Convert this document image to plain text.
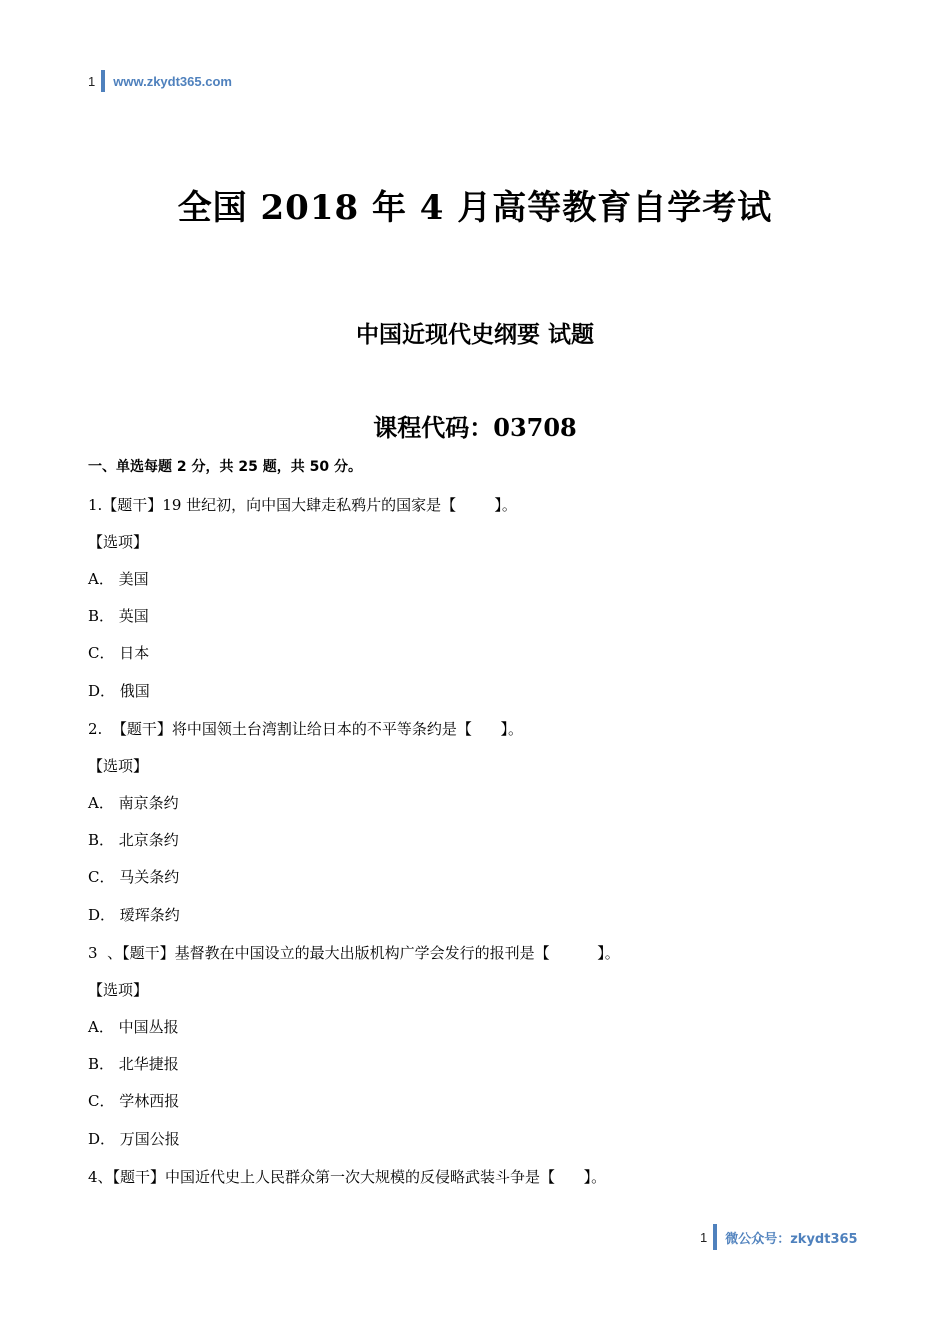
1 www.zkydt365.com
全国 2018 年 4 月高等教育自学考试
中国近现代史纲要 试题
课程代码：03708
一、单选每题 2 分，共 25 题，共 50 分。
1.【题干】19 世纪初，向中国大肆走私鸦片的国家是【        】。
【选项】
A． 美国
B． 英国
C． 日本
D． 俄国
2.  【题干】将中国领土台湾割让给日本的不平等条约是【      】。
【选项】
A． 南京条约
B． 北京条约
C． 马关条约
D． 瑷珲条约
3  、【题干】基督教在中国设立的最大出版机构广学会发行的报刊是【          】。
【选项】
A． 中国丛报
B． 北华捷报
C． 学林西报
D． 万国公报
4、【题干】中国近代史上人民群众第一次大规模的反侵略武装斗争是【      】。
1 微公众号：zkydt365
